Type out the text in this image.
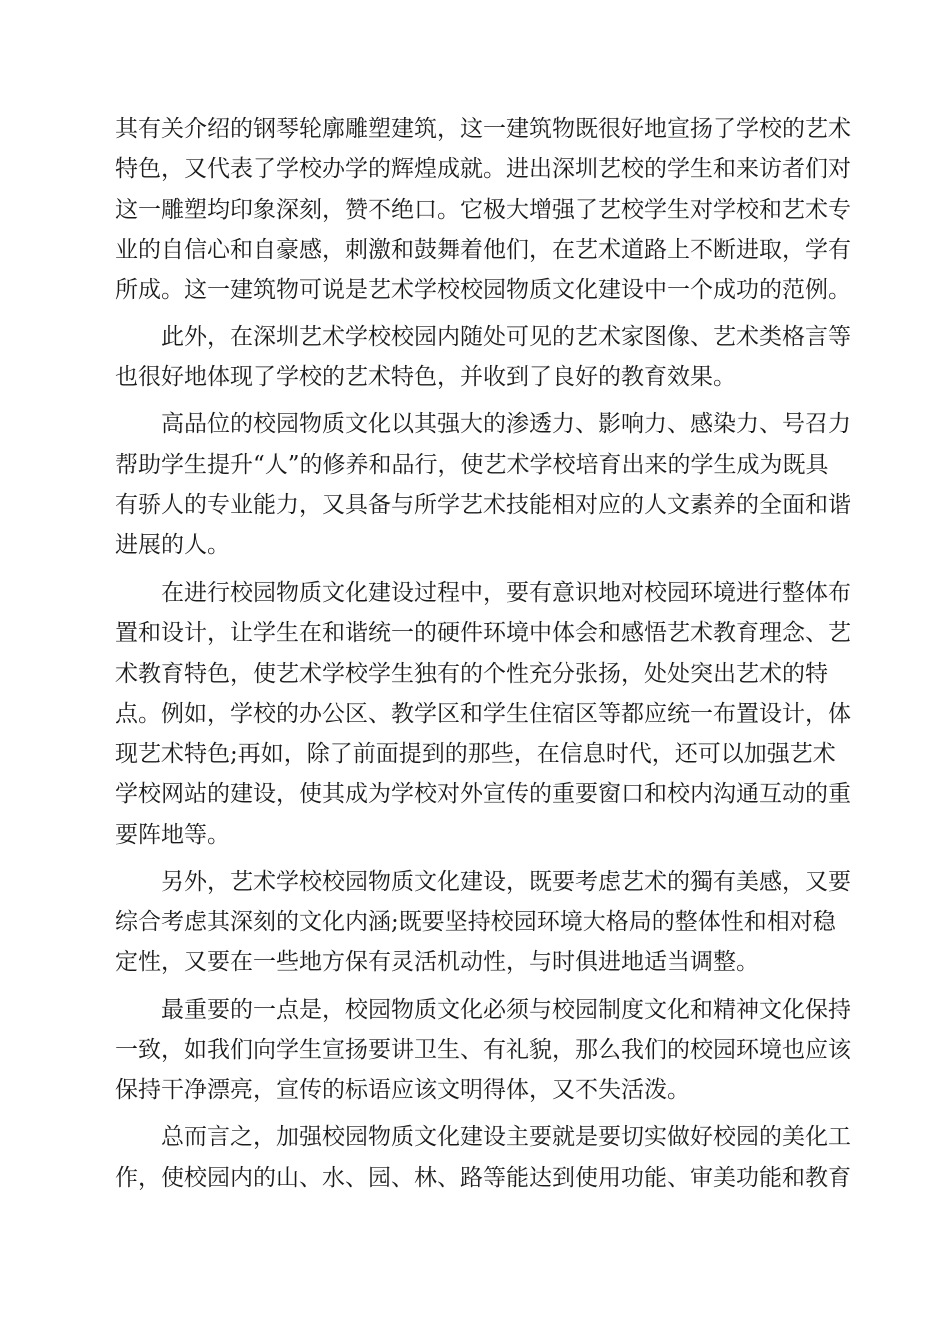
其有关介绍的钢琴轮廓雕塑建筑，这一建筑物既很好地宣扬了学校的艺术
特色，又代表了学校办学的辉煌成就。进出深圳艺校的学生和来访者们对
这一雕塑均印象深刻，赞不绝口。它极大增强了艺校学生对学校和艺术专
业的自信心和自豪感，刺激和鼓舞着他们，在艺术道路上不断进取，学有
所成。这一建筑物可说是艺术学校校园物质文化建设中一个成功的范例。
此外，在深圳艺术学校校园内随处可见的艺术家图像、艺术类格言等
也很好地体现了学校的艺术特色，并收到了良好的教育效果。
高品位的校园物质文化以其强大的渗透力、影响力、感染力、号召力
帮助学生提升“人”的修养和品行，使艺术学校培育出来的学生成为既具
有骄人的专业能力，又具备与所学艺术技能相对应的人文素养的全面和谐
进展的人。
在进行校园物质文化建设过程中，要有意识地对校园环境进行整体布
置和设计，让学生在和谐统一的硬件环境中体会和感悟艺术教育理念、艺
术教育特色，使艺术学校学生独有的个性充分张扬，处处突出艺术的特
点。例如，学校的办公区、教学区和学生住宿区等都应统一布置设计，体
现艺术特色;再如，除了前面提到的那些，在信息时代，还可以加强艺术
学校网站的建设，使其成为学校对外宣传的重要窗口和校内沟通互动的重
要阵地等。
另外，艺术学校校园物质文化建设，既要考虑艺术的獨有美感，又要
综合考虑其深刻的文化内涵;既要坚持校园环境大格局的整体性和相对稳
定性，又要在一些地方保有灵活机动性，与时俱进地适当调整。
最重要的一点是，校园物质文化必须与校园制度文化和精神文化保持
一致，如我们向学生宣扬要讲卫生、有礼貌，那么我们的校园环境也应该
保持干净漂亮，宣传的标语应该文明得体，又不失活泼。
总而言之，加强校园物质文化建设主要就是要切实做好校园的美化工
作，使校园内的山、水、园、林、路等能达到使用功能、审美功能和教育
